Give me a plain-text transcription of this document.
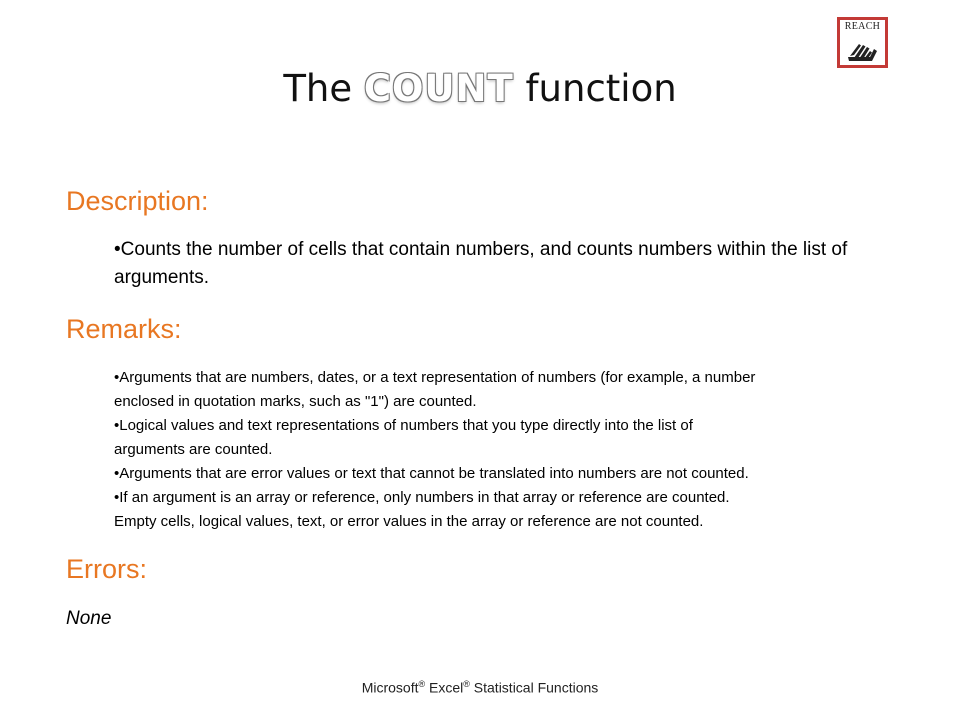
REACH
The COUNT function
Description:
•Counts the number of cells that contain numbers, and counts numbers within the list of arguments.
Remarks:
•Arguments that are numbers, dates, or a text representation of numbers (for example, a number
enclosed in quotation marks, such as "1") are counted.
•Logical values and text representations of numbers that you type directly into the list of
arguments are counted.
•Arguments that are error values or text that cannot be translated into numbers are not counted.
•If an argument is an array or reference, only numbers in that array or reference are counted.
Empty cells, logical values, text, or error values in the array or reference are not counted.
Errors:
None
Microsoft® Excel® Statistical Functions
